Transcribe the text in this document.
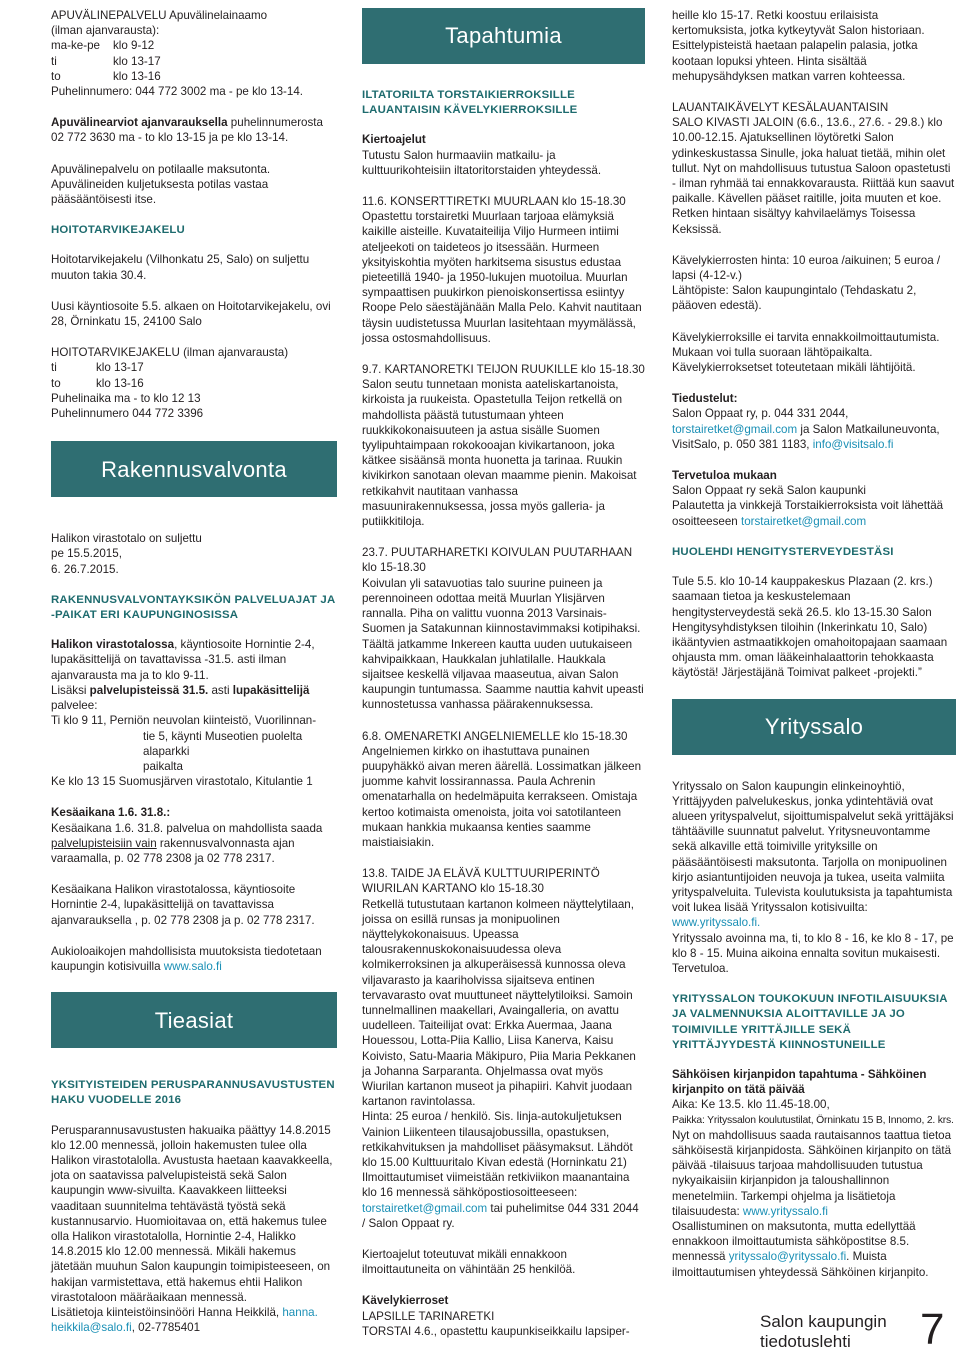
APUVÄLINEPALVELU Apuvälinelainaamo
(ilman ajanvarausta):
ma-ke-pe	klo 9-12
ti	klo 13-17
to	klo 13-16
Puhelinnumero: 044 772 3002 ma - pe klo 13-14.
Apuvälinearviot ajanvarauksella puhelinnumerosta 02 772 3630 ma - to klo 13-15 ja pe klo 13-14.
Apuvälinepalvelu on potilaalle maksutonta. Apuvälineiden kuljetuksesta potilas vastaa pääsääntöisesti itse.
HOITOTARVIKEJAKELU
Hoitotarvikejakelu (Vilhonkatu 25, Salo) on suljettu muuton takia 30.4.
Uusi käyntiosoite 5.5. alkaen on Hoitotarvikejakelu, ovi 28, Örninkatu 15, 24100 Salo
HOITOTARVIKEJAKELU (ilman ajanvarausta)
ti	klo 13-17
to	klo 13-16
Puhelinaika ma - to klo 12 13
Puhelinnumero 044 772 3396
Rakennusvalvonta
Halikon virastotalo on suljettu
pe 15.5.2015,
6. 26.7.2015.
RAKENNUSVALVONTAYKSIKÖN PALVELUAJAT JA -PAIKAT ERI KAUPUNGINOSISSA
Halikon virastotalossa, käyntiosoite Hornintie 2-4, lupakäsittelijä on tavattavissa -31.5. asti ilman ajanvarausta ma ja to klo 9-11.
Lisäksi palvelupisteissä 31.5. asti lupakäsittelijä
palvelee:
Ti klo 9 11, Perniön neuvolan kiinteistö, Vuorilinnan-
tie 5, käynti Museotien puolelta alaparkki
paikalta
Ke klo 13 15 Suomusjärven virastotalo, Kitulantie 1
Kesäaikana 1.6. 31.8.:
Kesäaikana 1.6. 31.8. palvelua on mahdollista saada palvelupisteisiin vain rakennusvalvonnasta ajan varaamalla, p. 02 778 2308 ja 02 778 2317.
Kesäaikana Halikon virastotalossa, käyntiosoite Hornintie 2-4, lupakäsittelijä on tavattavissa ajanvarauksella , p. 02 778 2308 ja p. 02 778 2317.
Aukioloaikojen mahdollisista muutoksista tiedotetaan kaupungin kotisivuilla www.salo.fi
Tieasiat
YKSITYISTEIDEN PERUSPARANNUSAVUSTUSTEN HAKU VUODELLE 2016
Perusparannusavustusten hakuaika päättyy 14.8.2015 klo 12.00 mennessä, jolloin hakemusten tulee olla Halikon virastotalolla. Avustusta haetaan kaavakkeella, jota on saatavissa palvelupisteistä sekä Salon kaupungin www-sivuilta. Kaavakkeen liitteeksi vaaditaan suunnitelma tehtävästä työstä sekä kustannusarvio. Huomioitavaa on, että hakemus tulee olla Halikon virastotalolla, Hornintie 2-4, Halikko 14.8.2015 klo 12.00 mennessä. Mikäli hakemus jätetään muuhun Salon kaupungin toimipisteeseen, on hakijan varmistettava, että hakemus ehtii Halikon virastotaloon määräaikaan mennessä.
Lisätietoja kiinteistöinsinööri Hanna Heikkilä, hanna.
heikkila@salo.fi, 02-7785401
Tapahtumia
ILTATORILTA TORSTAIKIERROKSILLE LAUANTAISIN KÄVELYKIERROKSILLE
Kiertoajelut
Tutustu Salon hurmaaviin matkailu- ja kulttuurikohteisiin iltatoritorstaiden yhteydessä.
11.6. KONSERTTIRETKI MUURLAAN klo 15-18.30
Opastettu torstairetki Muurlaan tarjoaa elämyksiä kaikille aisteille. Kuvataiteilija Viljo Hurmeen intiimi ateljeekoti on taideteos jo itsessään. Hurmeen yksityiskohtia myöten harkitsema sisustus edustaa pieteetillä 1940- ja 1950-lukujen muotoilua. Muurlan sympaattisen puukirkon pienoiskonsertissa esiintyy Roope Pelo säestäjänään Malla Pelo. Kahvit nautitaan täysin uudistetussa Muurlan lasitehtaan myymälässä, jossa ostosmahdollisuus.
9.7. KARTANORETKI TEIJON RUUKILLE klo 15-18.30
Salon seutu tunnetaan monista aateliskartanoista, kirkoista ja ruukeista. Opastetulla Teijon retkellä on mahdollista päästä tutustumaan yhteen ruukkikokonaisuuteen ja astua sisälle Suomen tyylipuhtaimpaan rokokooajan kivikartanoon, joka kätkee sisäänsä monta huonetta ja tarinaa. Ruukin kivikirkon sanotaan olevan maamme pienin. Makoisat retkikahvit nautitaan vanhassa masuunirakennuksessa, jossa myös galleria- ja putiikkitiloja.
23.7. PUUTARHARETKI KOIVULAN PUUTARHAAN klo 15-18.30
Koivulan yli satavuotias talo suurine puineen ja perennoineen odottaa meitä Muurlan Ylisjärven rannalla. Piha on valittu vuonna 2013 Varsinais-Suomen ja Satakunnan kiinnostavimmaksi kotipihaksi. Täältä jatkamme Inkereen kautta uuden uutukaiseen kahvipaikkaan, Haukkalan juhlatilalle. Haukkala sijaitsee keskellä viljavaa maaseutua, aivan Salon kaupungin tuntumassa. Saamme nauttia kahvit upeasti kunnostetussa vanhassa päärakennuksessa.
6.8. OMENARETKI ANGELNIEMELLE klo 15-18.30
Angelniemen kirkko on ihastuttava punainen puupyhäkkö aivan meren äärellä. Lossimatkan jälkeen juomme kahvit lossirannassa. Paula Achrenin omenatarhalla on hedelmäpuita kerrakseen. Omistaja kertoo kotimaista omenoista, joita voi satotilanteen mukaan hankkia mukaansa kenties saamme maistiaisiakin.
13.8. TAIDE JA ELÄVÄ KULTTUURIPERINTÖ WIURILAN KARTANO klo 15-18.30
Retkellä tutustutaan kartanon kolmeen näyttelytilaan, joissa on esillä runsas ja monipuolinen näyttelykokonaisuus. Upeassa talousrakennuskokonaisuudessa oleva kolmikerroksinen ja alkuperäisessä kunnossa oleva viljavarasto ja kaariholvissa sijaitseva entinen tervavarasto ovat muuttuneet näyttelytiloiksi. Samoin tunnelmallinen maakellari, Avaingalleria, on avattu uudelleen. Taiteilijat ovat: Erkka Auermaa, Jaana Houessou, Lotta-Piia Kallio, Liisa Kanerva, Kaisu Koivisto, Satu-Maaria Mäkipuro, Piia Maria Pekkanen ja Johanna Sarparanta. Ohjelmassa ovat myös Wiurilan kartanon museot ja pihapiiri. Kahvit juodaan kartanon ravintolassa.
Hinta: 25 euroa / henkilö. Sis. linja-autokuljetuksen Vainion Liikenteen tilausajobussilla, opastuksen, retkikahvituksen ja mahdolliset pääsymaksut. Lähdöt klo 15.00 Kulttuuritalo Kivan edestä (Horninkatu 21)
Ilmoittautumiset viimeistään retkiviikon maanantaina klo 16 mennessä sähköpostiosoitteeseen: torstairetket@gmail.com tai puhelimitse 044 331 2044 / Salon Oppaat ry.
Kiertoajelut toteutuvat mikäli ennakkoon ilmoittautuneita on vähintään 25 henkilöä.
Kävelykierroset
LAPSILLE TARINARETKI
TORSTAI 4.6., opastettu kaupunkiseikkailu lapsiper-
heille klo 15-17. Retki koostuu erilaisista kertomuksista, jotka kytkeytyvät Salon historiaan. Esittelypisteistä haetaan palapelin palasia, jotka kootaan lopuksi yhteen. Hinta sisältää mehupysähdyksen matkan varren kohteessa.
LAUANTAIKÄVELYT KESÄLAUANTAISIN
SALO KIVASTI JALOIN (6.6., 13.6., 27.6. - 29.8.) klo 10.00-12.15. Ajatuksellinen löytöretki Salon ydinkeskustassa Sinulle, joka haluat tietää, mihin olet tullut. Nyt on mahdollisuus tutustua Saloon opastetusti - ilman ryhmää tai ennakkovarausta. Riittää kun saavut paikalle. Kävellen pääset raitille, joita muuten et koe. Retken hintaan sisältyy kahvilaelämys Toisessa Keksissä.
Kävelykierrosten hinta: 10 euroa /aikuinen; 5 euroa / lapsi (4-12-v.)
Lähtöpiste: Salon kaupungintalo (Tehdaskatu 2, pääoven edestä).
Kävelykierroksille ei tarvita ennakkoilmoittautumista. Mukaan voi tulla suoraan lähtöpaikalta. Kävelykierroksetset toteutetaan mikäli lähtijöitä.
Tiedustelut:
Salon Oppaat ry, p. 044 331 2044, torstairetket@gmail.com ja Salon Matkailuneuvonta, VisitSalo, p. 050 381 1183, info@visitsalo.fi
Tervetuloa mukaan
Salon Oppaat ry sekä Salon kaupunki
Palautetta ja vinkkejä Torstaikierroksista voit lähettää osoitteeseen torstairetket@gmail.com
HUOLEHDI HENGITYSTERVEYDESTÄSI
Tule 5.5. klo 10-14 kauppakeskus Plazaan (2. krs.) saamaan tietoa ja keskustelemaan hengitysterveydestä sekä 26.5. klo 13-15.30 Salon Hengitysyhdistyksen tiloihin (Inkerinkatu 10, Salo) ikääntyvien astmaatikkojen omahoitopajaan saamaan ohjausta mm. oman lääkeinhalaattorin tehokkaasta käytöstä! Järjestäjänä Toimivat palkeet -projekti.”
Yrityssalo
Yrityssalo on Salon kaupungin elinkeinoyhtiö, Yrittäjyyden palvelukeskus, jonka ydintehtäviä ovat alueen yrityspalvelut, sijoittumispalvelut sekä yrittäjäksi tähtääville suunnatut palvelut. Yritysneuvontamme sekä alkaville että toimiville yrityksille on pääsääntöisesti maksutonta. Tarjolla on monipuolinen kirjo asiantuntijoiden neuvoja ja tukea, useita valmiita yrityspalveluita. Tulevista koulutuksista ja tapahtumista voit lukea lisää Yrityssalon kotisivuilta: www.yrityssalo.fi.
Yrityssalo avoinna ma, ti, to klo 8 - 16, ke klo 8 - 17, pe klo 8 - 15. Muina aikoina ennalta sovitun mukaisesti. Tervetuloa.
YRITYSSALON TOUKOKUUN INFOTILAISUUKSIA JA VALMENNUKSIA ALOITTAVILLE JA JO TOIMIVILLE YRITTÄJILLE SEKÄ YRITTÄJYYDESTÄ KIINNOSTUNEILLE
Sähköisen kirjanpidon tapahtuma - Sähköinen kirjanpito on tätä päivää
Aika: Ke 13.5. klo 11.45-18.00,
Paikka: Yrityssalon koulutustilat, Örninkatu 15 B, Innomo, 2. krs.
Nyt on mahdollisuus saada rautaisannos taattua tietoa sähköisestä kirjanpidosta. Sähköinen kirjanpito on tätä päivää -tilaisuus tarjoaa mahdollisuuden tutustua nykyaikaisiin kirjanpidon ja taloushallinnon menetelmiin. Tarkempi ohjelma ja lisätietoja tilaisuudesta: www.yrityssalo.fi
Osallistuminen on maksutonta, mutta edellyttää ennakkoon ilmoittautumista sähköpostitse 8.5. mennessä yrityssalo@yrityssalo.fi. Muista ilmoittautumisen yhteydessä Sähköinen kirjanpito.
Salon kaupungin
tiedotuslehti	7
